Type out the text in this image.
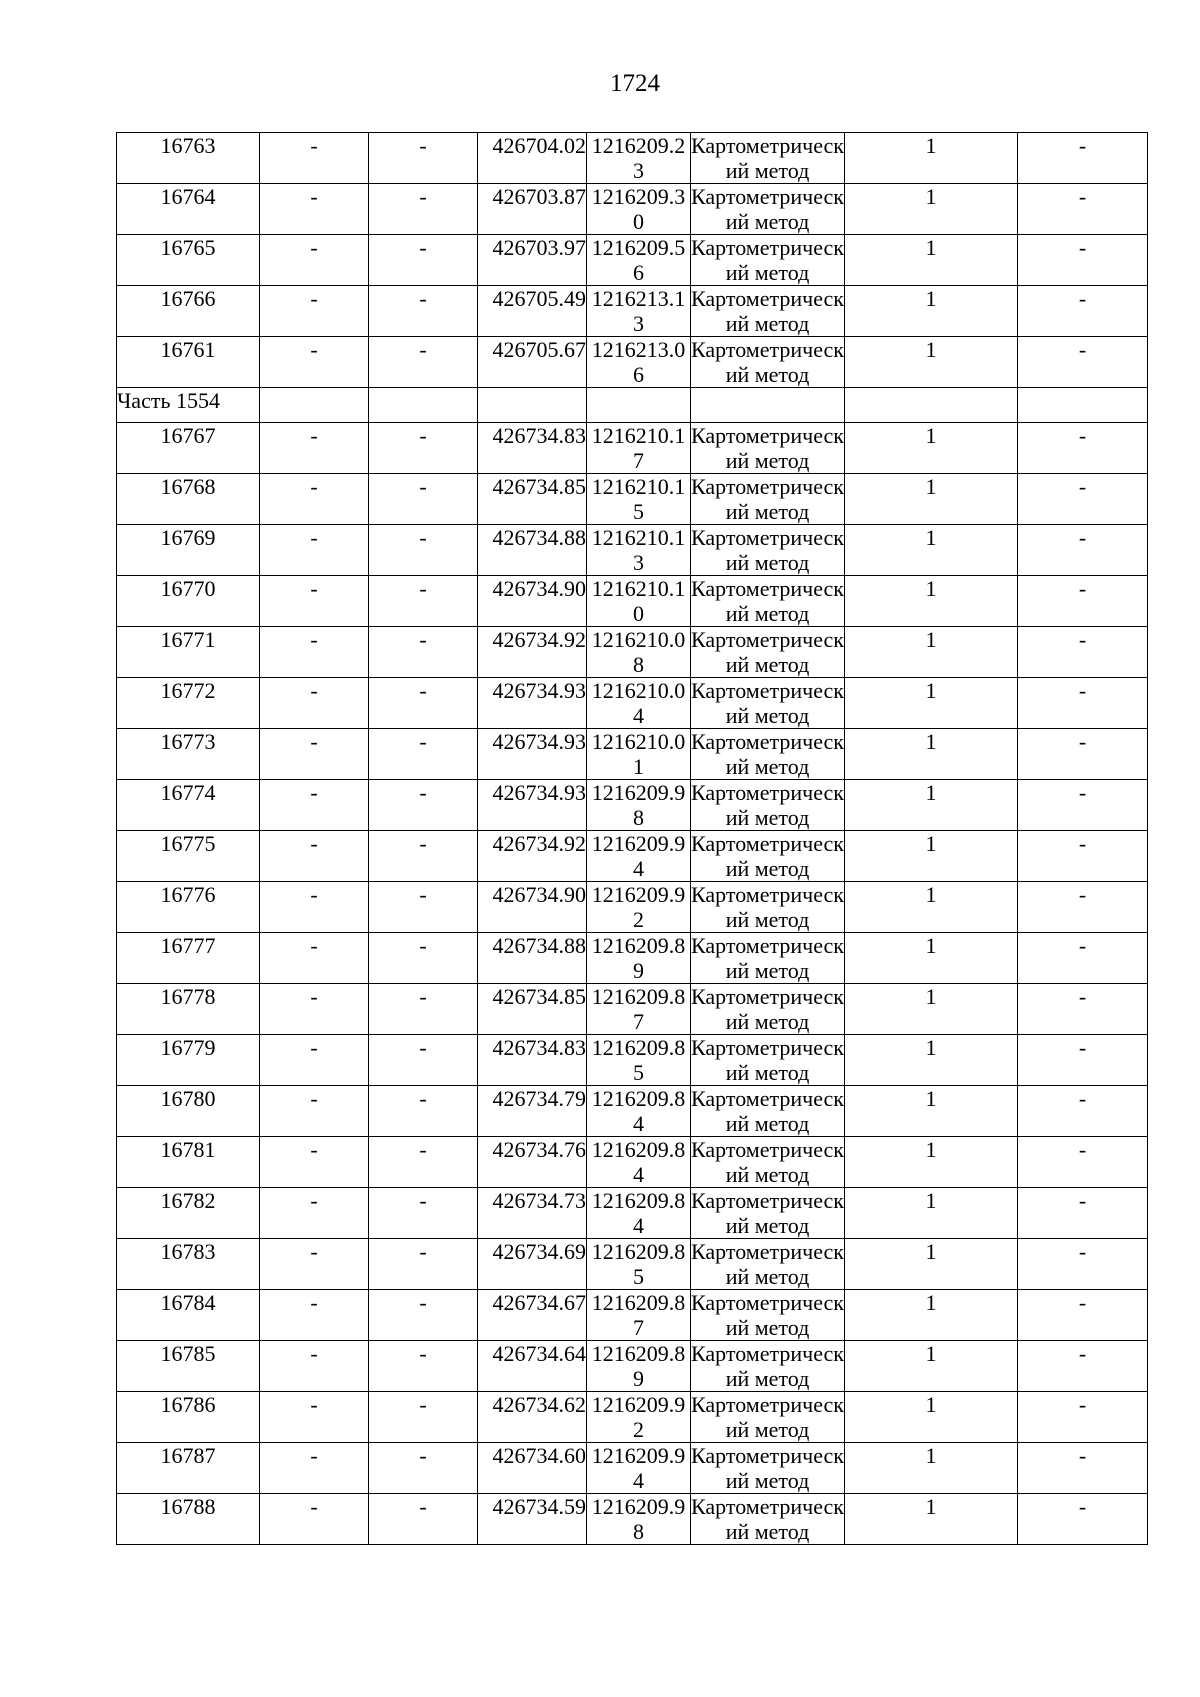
1724
16763	-	-	426704.02	1216209.23	Картометрический метод	1	-
16764	-	-	426703.87	1216209.30	Картометрический метод	1	-
16765	-	-	426703.97	1216209.56	Картометрический метод	1	-
16766	-	-	426705.49	1216213.13	Картометрический метод	1	-
16761	-	-	426705.67	1216213.06	Картометрический метод	1	-
Часть 1554							
16767	-	-	426734.83	1216210.17	Картометрический метод	1	-
16768	-	-	426734.85	1216210.15	Картометрический метод	1	-
16769	-	-	426734.88	1216210.13	Картометрический метод	1	-
16770	-	-	426734.90	1216210.10	Картометрический метод	1	-
16771	-	-	426734.92	1216210.08	Картометрический метод	1	-
16772	-	-	426734.93	1216210.04	Картометрический метод	1	-
16773	-	-	426734.93	1216210.01	Картометрический метод	1	-
16774	-	-	426734.93	1216209.98	Картометрический метод	1	-
16775	-	-	426734.92	1216209.94	Картометрический метод	1	-
16776	-	-	426734.90	1216209.92	Картометрический метод	1	-
16777	-	-	426734.88	1216209.89	Картометрический метод	1	-
16778	-	-	426734.85	1216209.87	Картометрический метод	1	-
16779	-	-	426734.83	1216209.85	Картометрический метод	1	-
16780	-	-	426734.79	1216209.84	Картометрический метод	1	-
16781	-	-	426734.76	1216209.84	Картометрический метод	1	-
16782	-	-	426734.73	1216209.84	Картометрический метод	1	-
16783	-	-	426734.69	1216209.85	Картометрический метод	1	-
16784	-	-	426734.67	1216209.87	Картометрический метод	1	-
16785	-	-	426734.64	1216209.89	Картометрический метод	1	-
16786	-	-	426734.62	1216209.92	Картометрический метод	1	-
16787	-	-	426734.60	1216209.94	Картометрический метод	1	-
16788	-	-	426734.59	1216209.98	Картометрический метод	1	-
